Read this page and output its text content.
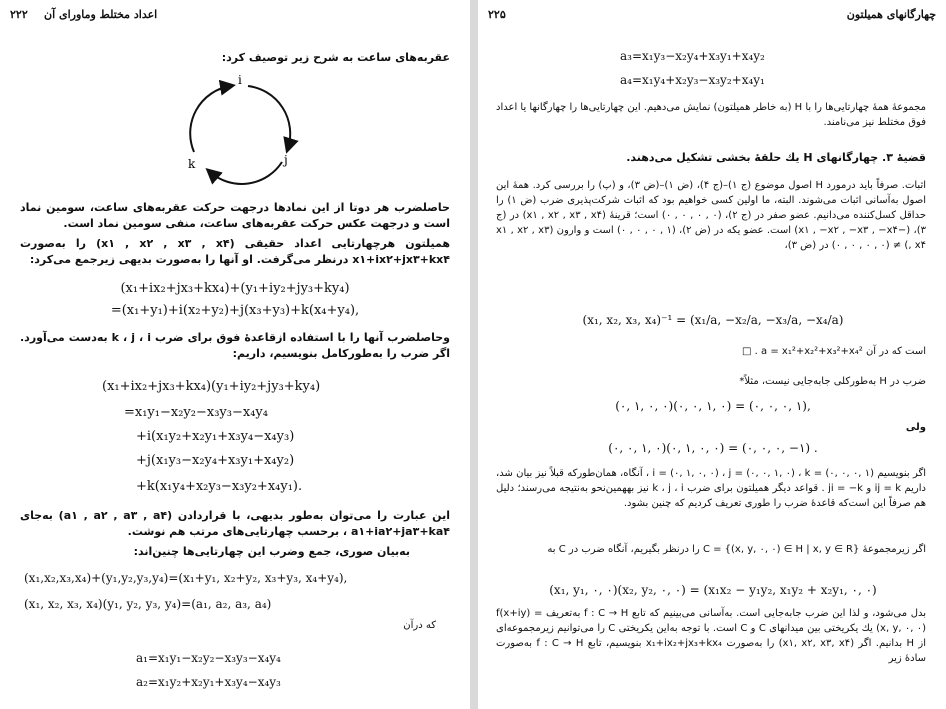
۲۲۲ اعداد مختلط وماورای آن
عقربه‌های ساعت به شرح زیر توصیف کرد:
i
j
k
حاصلضرب هر دوتا از این نمادها درجهت حرکت عقربه‌های ساعت، سومین نماد است و درجهت عکس حرکت عقربه‌های ساعت، منفی سومین نماد است.
همیلتون هرچهارتایی اعداد حقیقی (x۱ , x۲ , x۳ , x۴) را به‌صورت x۱+ix۲+jx۳+kx۴ درنظر می‌گرفت. او آنها را به‌صورت بدیهی زیرجمع می‌کرد:
(x₁+ix₂+jx₃+kx₄)+(y₁+iy₂+jy₃+ky₄)
=(x₁+y₁)+i(x₂+y₂)+j(x₃+y₃)+k(x₄+y₄),
وحاصلضرب آنها را با استفاده ازقاعدهٔ فوق برای ضرب k ، j ، i به‌دست می‌آورد. اگر ضرب را به‌طورکامل بنویسیم، داریم:
(x₁+ix₂+jx₃+kx₄)(y₁+iy₂+jy₃+ky₄)
=x₁y₁−x₂y₂−x₃y₃−x₄y₄
+i(x₁y₂+x₂y₁+x₃y₄−x₄y₃)
+j(x₁y₃−x₂y₄+x₃y₁+x₄y₂)
+k(x₁y₄+x₂y₃−x₃y₂+x₄y₁).
این عبارت را می‌توان به‌طور بدیهی، با قراردادن (a۱ , a۲ , a۳ , a۴) به‌جای a۱+ia۲+ja۳+ka۴ ، برحسب چهارتایی‌های مرتب هم نوشت.
به‌بیان صوری، جمع وضرب این چهارتایی‌ها چنین‌اند:
(x₁,x₂,x₃,x₄)+(y₁,y₂,y₃,y₄)=(x₁+y₁, x₂+y₂, x₃+y₃, x₄+y₄),
(x₁, x₂, x₃, x₄)(y₁, y₂, y₃, y₄)=(a₁, a₂, a₃, a₄)
که درآن
a₁=x₁y₁−x₂y₂−x₃y₃−x₄y₄
a₂=x₁y₂+x₂y₁+x₃y₄−x₄y₃
چهارگانهای همیلتون
۲۲۵
a₃=x₁y₃−x₂y₄+x₃y₁+x₄y₂
a₄=x₁y₄+x₂y₃−x₃y₂+x₄y₁
مجموعهٔ همهٔ چهارتایی‌ها را با H (به خاطر همیلتون) نمایش می‌دهیم. این چهارتایی‌ها را چهارگانها یا اعداد فوق مختلط نیز می‌نامند.
قضیهٔ ۳. چهارگانهای H یك حلقهٔ بخشی تشکیل می‌دهند.
اثبات. صرفاً باید درمورد H اصول موضوع (ج ۱)–(ج ۴)، (ض ۱)–(ض ۳)، و (پ) را بررسی کرد. همهٔ این اصول به‌آسانی اثبات می‌شوند. البته، ما اولین کسی خواهیم بود که اثبات شرکت‌پذیری ضرب (ض ۱) را حداقل کسل‌کننده می‌دانیم. عضو صفر در (ج ۲)، (۰ , ۰ , ۰ , ۰) است؛ قرینهٔ (x۱ , x۲ , x۳ , x۴) در (ج ۳)، (−x۱ , −x۲ , −x۳ , −x۴) است. عضو یکه در (ض ۲)، (۱ , ۰ , ۰ , ۰) است و وارون (x۱ , x۲ , x۳ , x۴) ≠ (۰ , ۰ , ۰ , ۰) در (ض ۳)،
(x₁, x₂, x₃, x₄)⁻¹ = (x₁/a, −x₂/a, −x₃/a, −x₄/a)
است که در آن a = x₁²+x₂²+x₃²+x₄² . □
ضرب در H به‌طورکلی جابه‌جایی نیست، مثلاً*
(۰, ۱, ۰, ۰)(۰, ۰, ۱, ۰) = (۰, ۰, ۰, ۱),
ولی
(۰, ۰, ۱, ۰)(۰, ۱, ۰, ۰) = (۰, ۰, ۰, −۱) .
اگر بنویسیم i = (۰, ۱, ۰, ۰) ، j = (۰, ۰, ۱, ۰) ، k = (۰, ۰, ۰, ۱) ، آنگاه، همان‌طورکه قبلاً نیز بیان شد، داریم ij = k و ji = −k . قواعد دیگر همیلتون برای ضرب k ، j ، i نیز بههمین‌نحو به‌نتیجه می‌رسند؛ دلیل هم صرفاً این است‌که قاعدهٔ ضرب را طوری تعریف کردیم که چنین بشود.
اگر زیرمجموعهٔ C = {(x, y, ۰, ۰) ∈ H | x, y ∈ R} را درنظر بگیریم، آنگاه ضرب در C به
(x₁, y₁, ۰, ۰)(x₂, y₂, ۰, ۰) = (x₁x₂ − y₁y₂, x₁y₂ + x₂y₁, ۰, ۰)
بدل می‌شود، و لذا این ضرب جابه‌جایی است. به‌آسانی می‌بینیم که تابع f : C → H به‌تعریف f(x+iy) = (x, y, ۰, ۰) یك یکریختی بین میدانهای C و C است. با توجه به‌این یکریختی C را می‌توانیم زیرمجموعه‌ای از H بدانیم. اگر (x۱, x۲, x۳, x۴) را به‌صورت x₁+ix₂+jx₃+kx₄ بنویسیم، تابع f : C → H به‌صورت سادهٔ زیر
